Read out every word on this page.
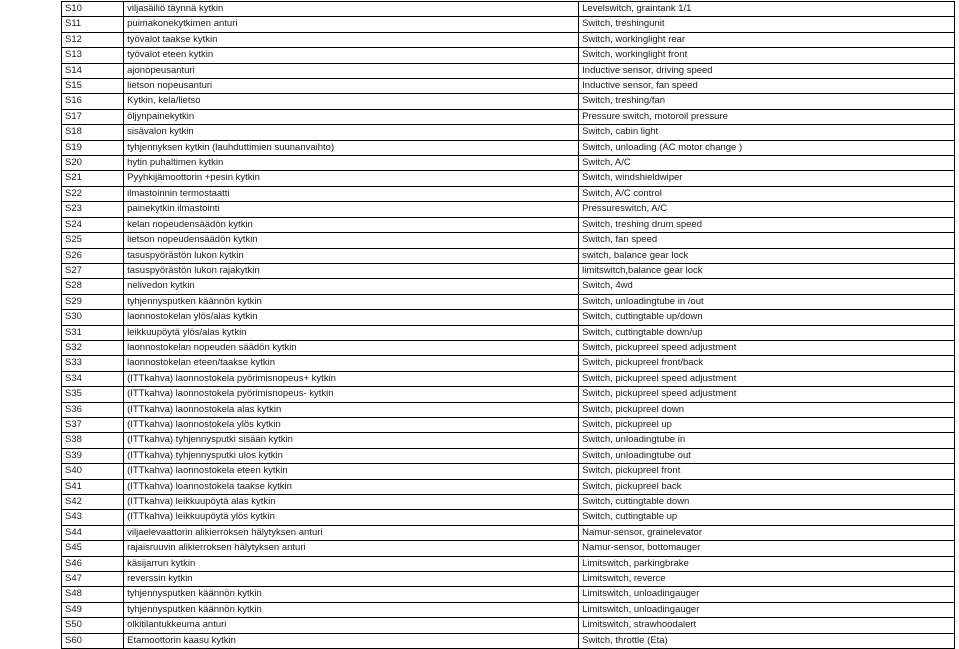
S10	viljasäiliö täynnä kytkin	Levelswitch, graintank 1/1
S11	puimakonekytkimen anturi	Switch, treshingunit
S12	työvalot taakse kytkin	Switch, workinglight rear
S13	työvalot eteen kytkin	Switch, workinglight front
S14	ajonopeusanturi	Inductive sensor, driving speed
S15	lietson nopeusanturi	Inductive sensor, fan speed
S16	Kytkin, kela/lietso	Switch, treshing/fan
S17	öljynpainekytkin	Pressure switch, motoroil pressure
S18	sisävalon kytkin	Switch, cabin light
S19	tyhjennyksen kytkin (lauhduttimien suunanvaihto)	Switch, unloading (AC motor change )
S20	hytin puhaltimen kytkin	Switch, A/C
S21	Pyyhkijämoottorin +pesin kytkin	Switch, windshieldwiper
S22	ilmastoinnin termostaatti	Switch, A/C control
S23	painekytkin ilmastointi	Pressureswitch, A/C
S24	kelan nopeudensäädön kytkin	Switch, treshing drum speed
S25	lietson nopeudensäädön kytkin	Switch, fan speed
S26	tasuspyörästön lukon kytkin	switch, balance gear lock
S27	tasuspyörästön lukon rajakytkin	limitswitch,balance gear lock
S28	nelivedon kytkin	Switch, 4wd
S29	tyhjennysputken käännön kytkin	Switch, unloadingtube in /out
S30	laonnostokelan ylös/alas kytkin	Switch, cuttingtable up/down
S31	leikkuupöytä ylös/alas kytkin	Switch, cuttingtable down/up
S32	laonnostokelan nopeuden säädön kytkin	Switch, pickupreel speed adjustment
S33	laonnostokelan eteen/taakse kytkin	Switch, pickupreel front/back
S34	(ITTkahva) laonnostokela pyörimisnopeus+ kytkin	Switch, pickupreel speed adjustment
S35	(ITTkahva) laonnostokela pyörimisnopeus- kytkin	Switch, pickupreel speed adjustment
S36	(ITTkahva) laonnostokela alas kytkin	Switch, pickupreel down
S37	(ITTkahva) laonnostokela ylös kytkin	Switch, pickupreel up
S38	(ITTkahva) tyhjennysputki sisään kytkin	Switch, unloadingtube in
S39	(ITTkahva) tyhjennysputki ulos kytkin	Switch, unloadingtube out
S40	(ITTkahva) laonnostokela eteen kytkin	Switch, pickupreel front
S41	(ITTkahva) loannostokela taakse kytkin	Switch, pickupreel back
S42	(ITTkahva) leikkuupöytä alas kytkin	Switch, cuttingtable down
S43	(ITTkahva) leikkuupöytä ylös kytkin	Switch, cuttingtable up
S44	viljaelevaattorin alikierroksen hälytyksen anturi	Namur-sensor, grainelevator
S45	rajaisruuvin alikierroksen hälytyksen anturi	Namur-sensor, bottomauger
S46	käsijarrun kytkin	Limitswitch, parkingbrake
S47	reverssin kytkin	Limitswitch, reverce
S48	tyhjennysputken käännön kytkin	Limitswitch, unloadingauger
S49	tyhjennysputken käännön kytkin	Limitswitch, unloadingauger
S50	olkitilantukkeuma anturi	Limitswitch, strawhoodalert
S60	Etamoottorin kaasu kytkin	Switch, throttle (Eta)
